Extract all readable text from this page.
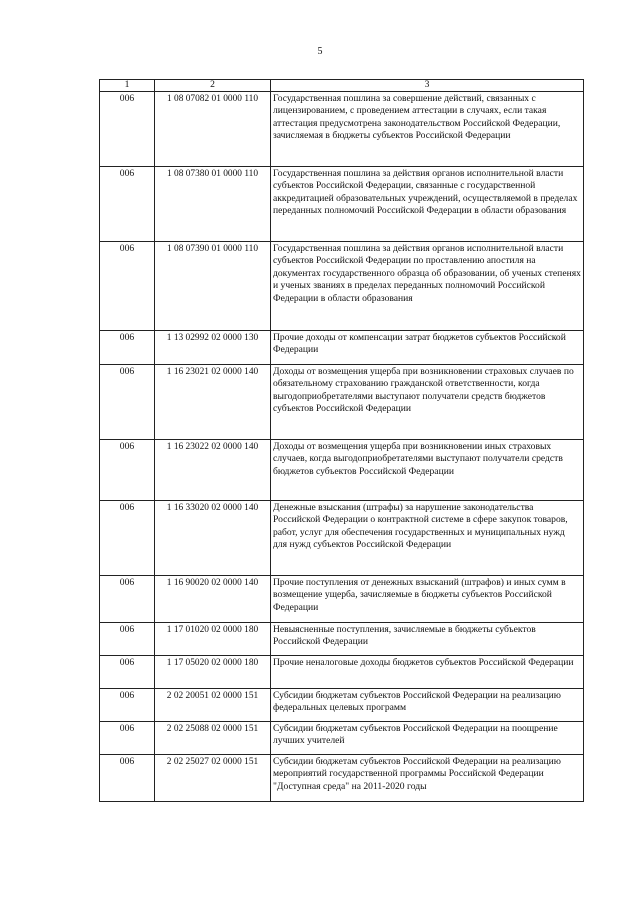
5
1	2	3
006	1 08 07082 01 0000 110	Государственная пошлина за совершение действий, связанных с лицензированием, с проведением аттестации в случаях, если такая аттестация предусмотрена законодательством Российской Федерации, зачисляемая в бюджеты субъектов Российской Федерации
006	1 08 07380 01 0000 110	Государственная пошлина за действия органов исполнительной власти субъектов Российской Федерации, связанные с государственной аккредитацией образовательных учреждений, осуществляемой в пределах переданных полномочий Российской Федерации в области образования
006	1 08 07390 01 0000 110	Государственная пошлина за действия органов исполнительной власти субъектов Российской Федерации по проставлению апостиля на документах государственного образца об образовании, об ученых степенях и ученых званиях в пределах переданных полномочий Российской Федерации в области образования
006	1 13 02992 02 0000 130	Прочие доходы от компенсации затрат бюджетов субъектов Российской Федерации
006	1 16 23021 02 0000 140	Доходы от возмещения ущерба при возникновении страховых случаев по обязательному страхованию гражданской ответственности, когда выгодоприобретателями выступают получатели средств бюджетов субъектов Российской Федерации
006	1 16 23022 02 0000 140	Доходы от возмещения ущерба при возникновении иных страховых случаев, когда выгодоприобретателями выступают получатели средств бюджетов субъектов Российской Федерации
006	1 16 33020 02 0000 140	Денежные взыскания (штрафы) за нарушение законодательства Российской Федерации о контрактной системе в сфере закупок товаров, работ, услуг для обеспечения государственных и муниципальных нужд для нужд субъектов Российской Федерации
006	1 16 90020 02 0000 140	Прочие поступления от денежных взысканий (штрафов) и иных сумм в возмещение ущерба, зачисляемые в бюджеты субъектов Российской Федерации
006	1 17 01020 02 0000 180	Невыясненные поступления, зачисляемые в бюджеты субъектов Российской Федерации
006	1 17 05020 02 0000 180	Прочие неналоговые доходы бюджетов субъектов Российской Федерации
006	2 02 20051 02 0000 151	Субсидии бюджетам субъектов Российской Федерации на реализацию федеральных целевых программ
006	2 02 25088 02 0000 151	Субсидии бюджетам субъектов Российской Федерации на поощрение лучших учителей
006	2 02 25027 02 0000 151	Субсидии бюджетам субъектов Российской Федерации на реализацию мероприятий государственной программы Российской Федерации "Доступная среда" на 2011-2020 годы
